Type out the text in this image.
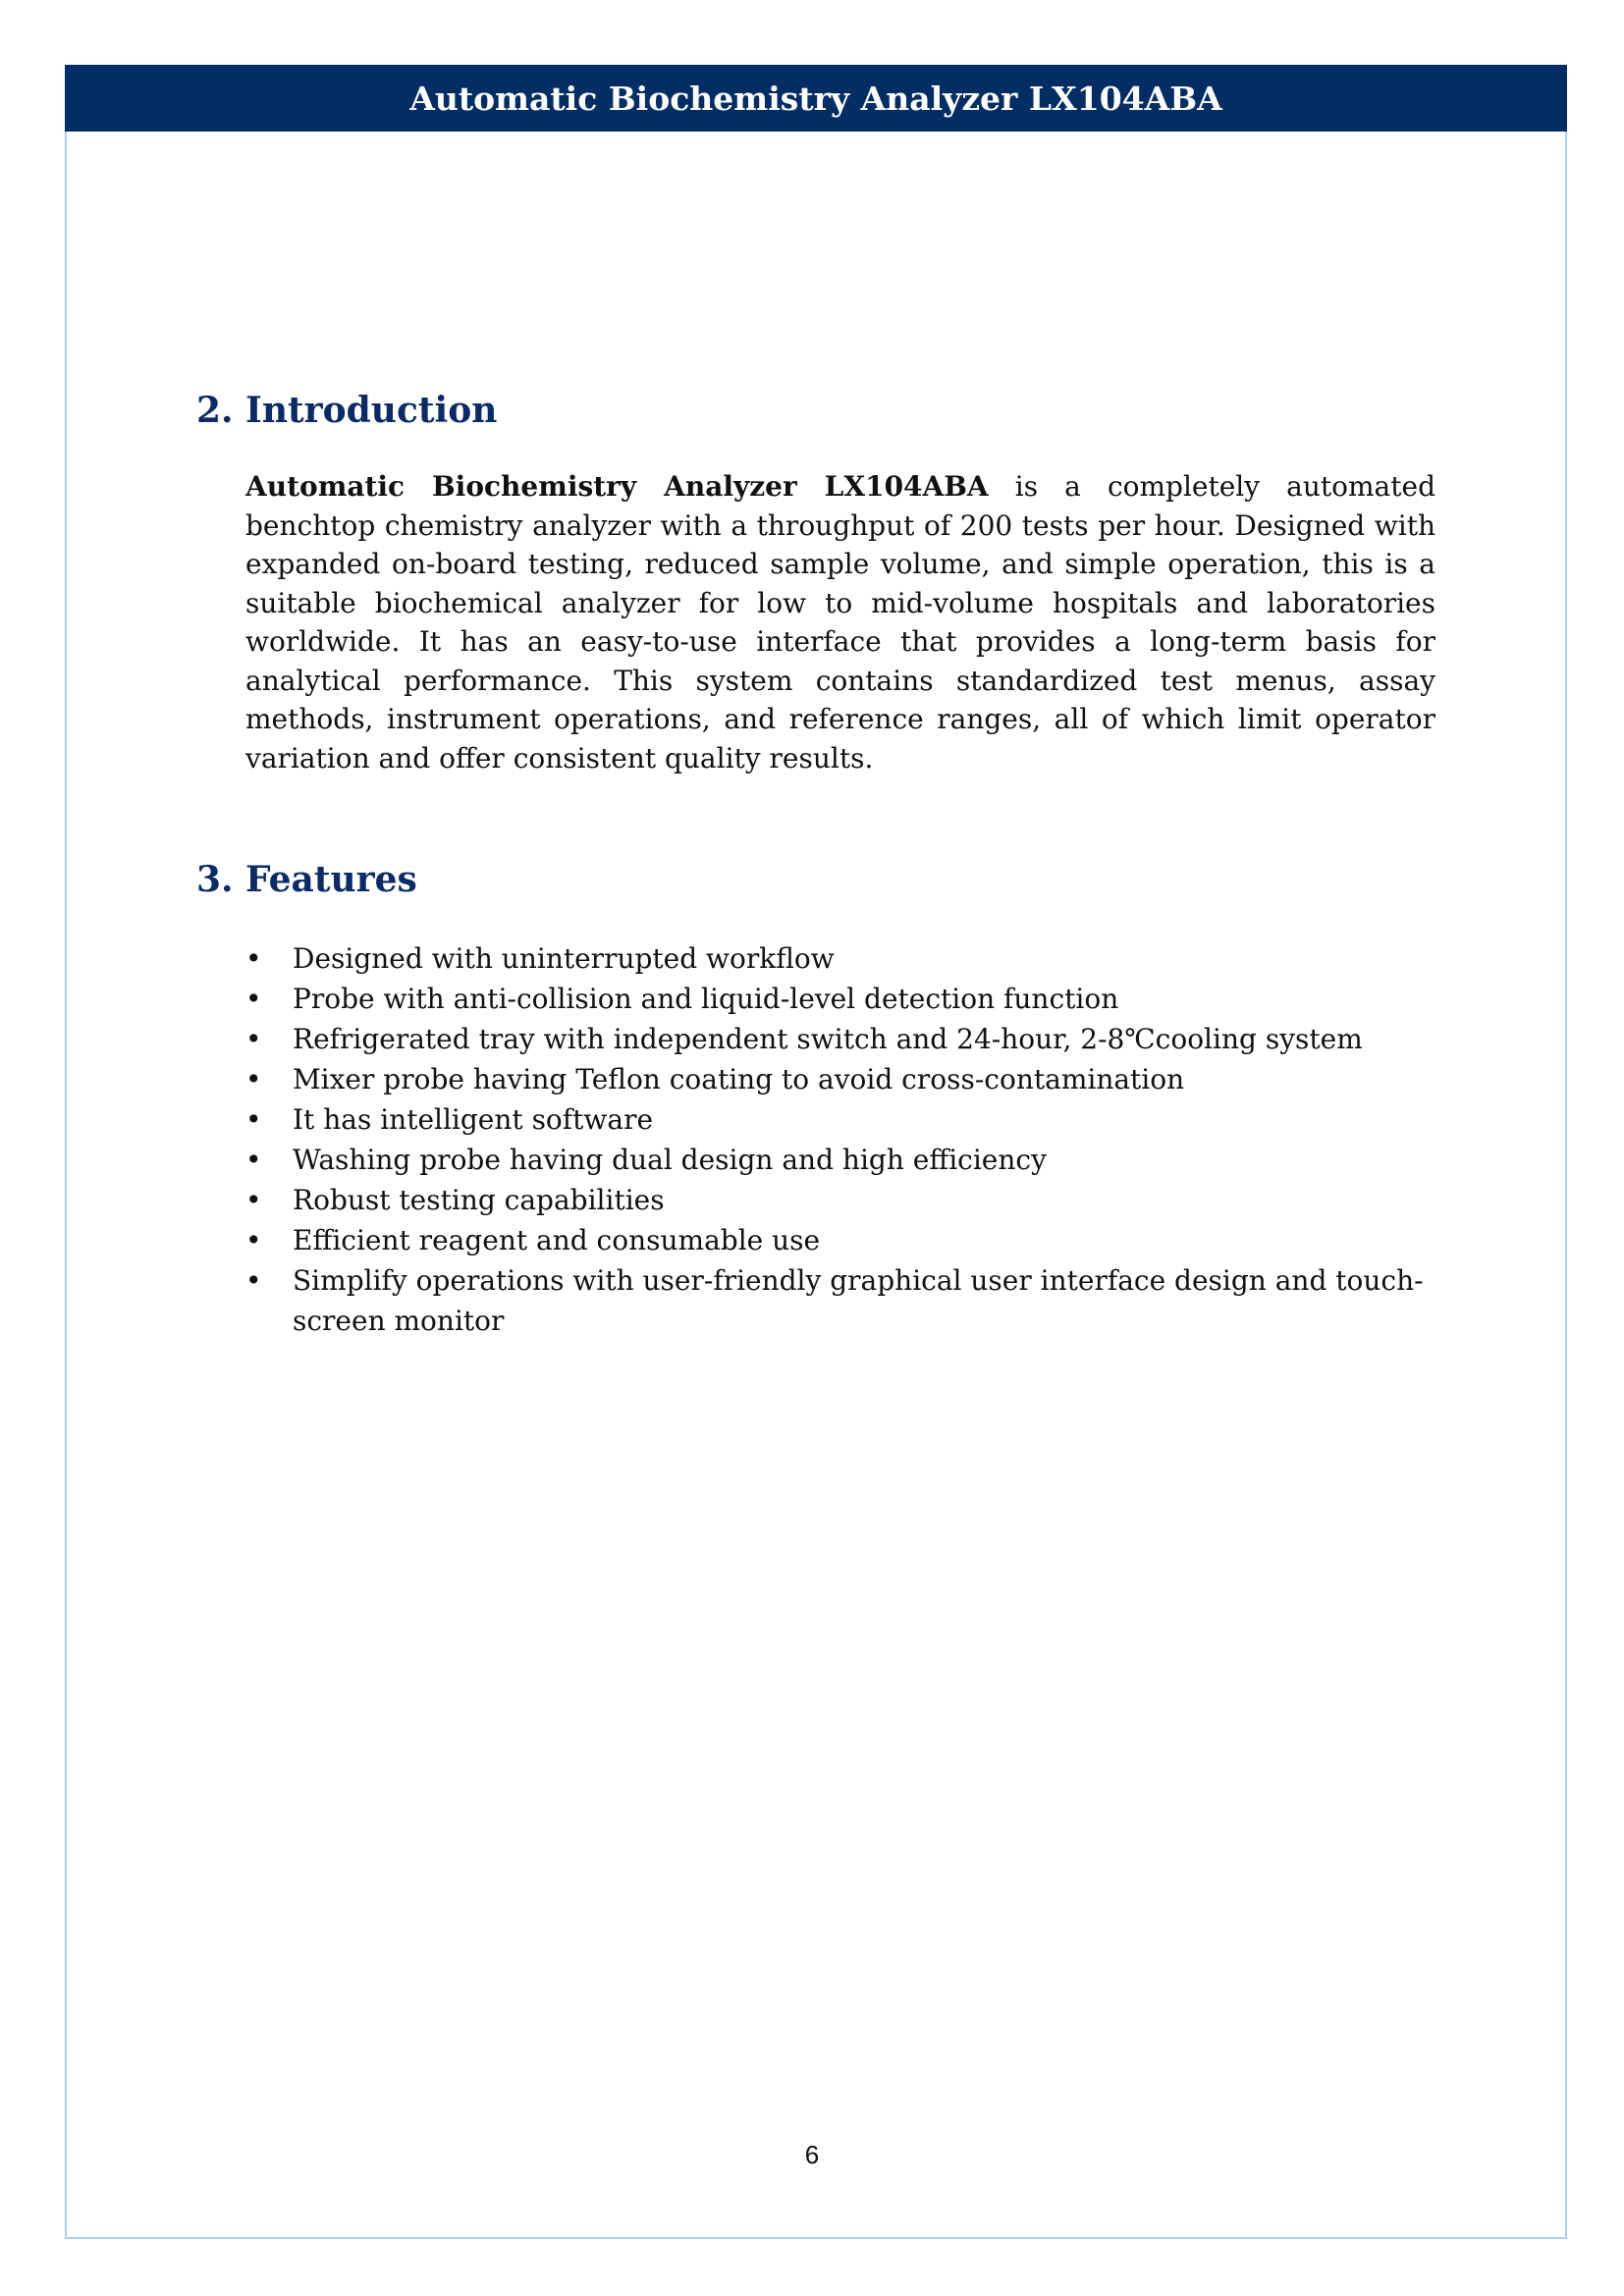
Automatic Biochemistry Analyzer LX104ABA
2. Introduction

Automatic Biochemistry Analyzer LX104ABA is a completely automated benchtop chemistry analyzer with a throughput of 200 tests per hour. Designed with expanded on-board testing, reduced sample volume, and simple operation, this is a suitable biochemical analyzer for low to mid-volume hospitals and laboratories worldwide. It has an easy-to-use interface that provides a long-term basis for analytical performance. This system contains standardized test menus, assay methods, instrument operations, and reference ranges, all of which limit operator variation and offer consistent quality results.

3. Features
•	Designed with uninterrupted workflow
•	Probe with anti-collision and liquid-level detection function
•	Refrigerated tray with independent switch and 24-hour, 2-8℃cooling system
•	Mixer probe having Teflon coating to avoid cross-contamination
•	It has intelligent software
•	Washing probe having dual design and high efficiency
•	Robust testing capabilities
•	Efficient reagent and consumable use
•	Simplify operations with user-friendly graphical user interface design and touch-screen monitor
6
